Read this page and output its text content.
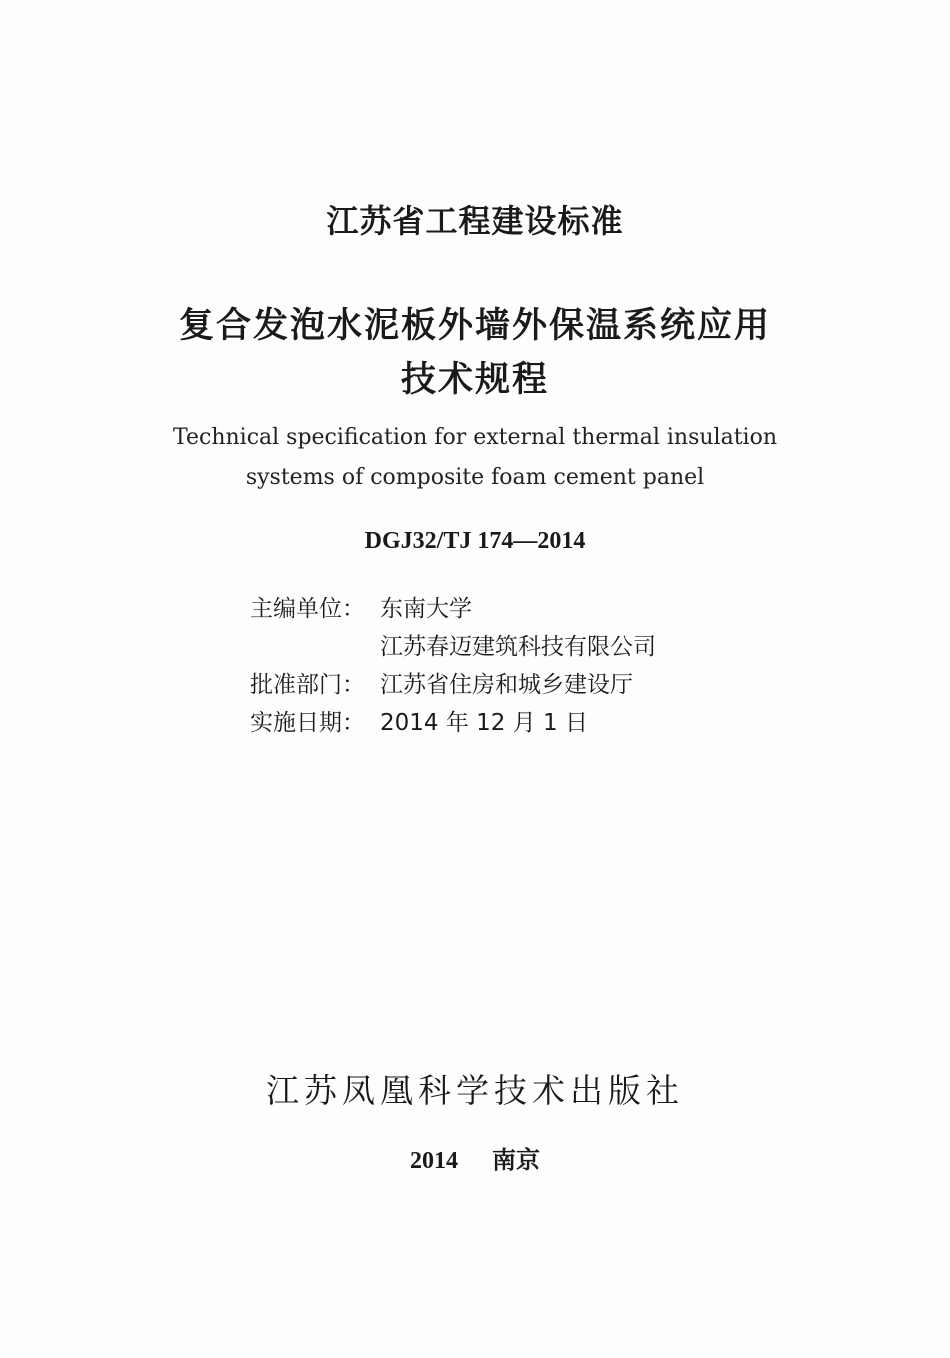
江苏省工程建设标准
复合发泡水泥板外墙外保温系统应用
技术规程
Technical specification for external thermal insulation
systems of composite foam cement panel
DGJ32/TJ 174—2014
主编单位： 东南大学
江苏春迈建筑科技有限公司
批准部门： 江苏省住房和城乡建设厅
实施日期： 2014 年 12 月 1 日
江苏凤凰科学技术出版社
2014 南京
